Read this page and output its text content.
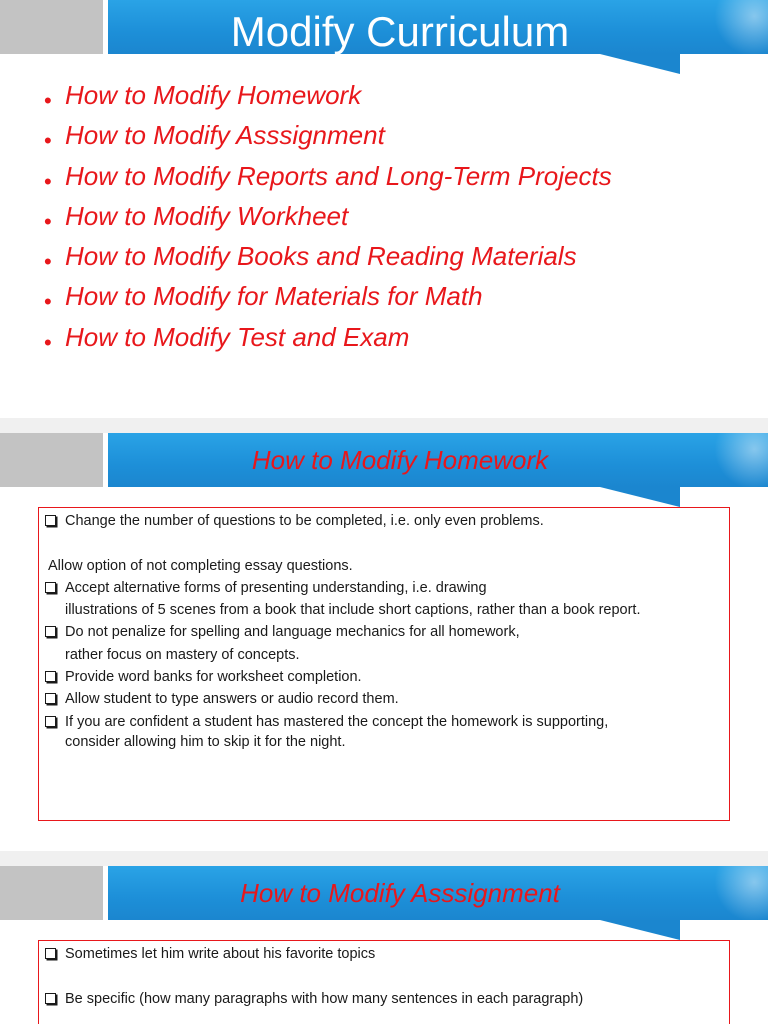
Modify Curriculum
• How to Modify Homework
• How to Modify Asssignment
• How to Modify Reports and Long-Term Projects
• How to Modify Workheet
• How to Modify Books and Reading Materials
• How to Modify for Materials for Math
• How to Modify Test and Exam
How to Modify Homework
Change the number of questions to be completed, i.e. only even problems.
Allow option of not completing essay questions.
Accept alternative forms of presenting understanding, i.e. drawing
illustrations of 5 scenes from a book that include short captions, rather than a book report.
Do not penalize for spelling and language mechanics for all homework,
rather focus on mastery of concepts.
Provide word banks for worksheet completion.
Allow student to type answers or audio record them.
If you are confident a student has mastered the concept the homework is supporting,
consider allowing him to skip it for the night.
How to Modify Asssignment
Sometimes let him write about his favorite topics
Be specific (how many paragraphs with how many sentences in each paragraph)
